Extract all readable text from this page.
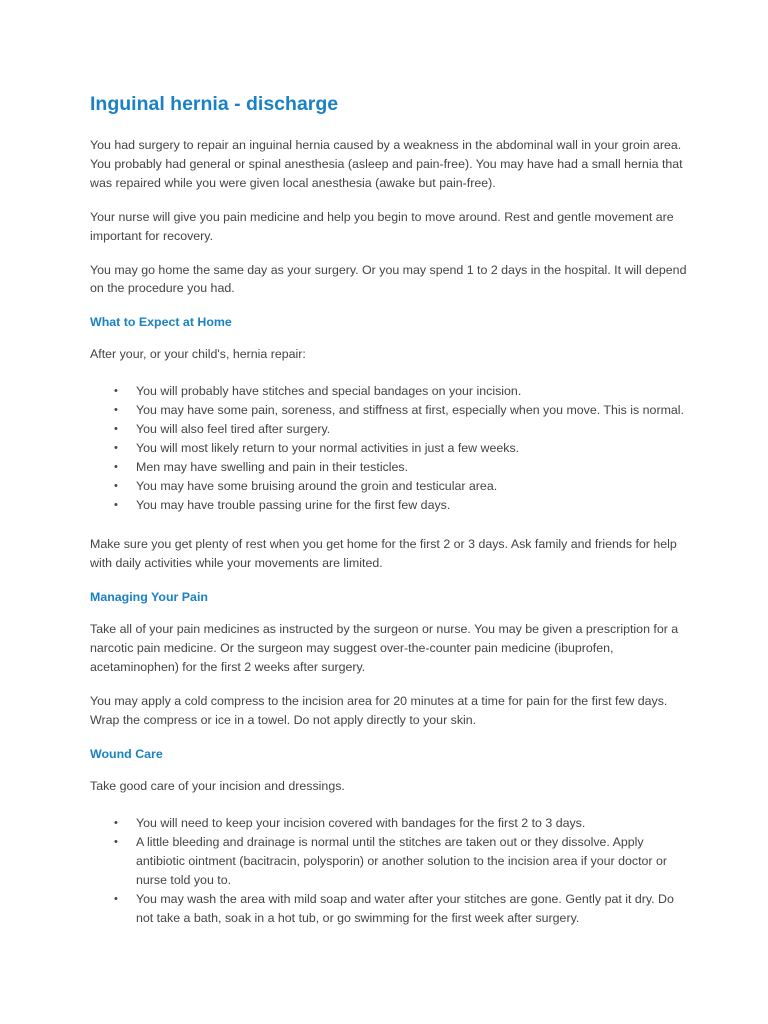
Inguinal hernia - discharge

You had surgery to repair an inguinal hernia caused by a weakness in the abdominal wall in your groin area. You probably had general or spinal anesthesia (asleep and pain-free). You may have had a small hernia that was repaired while you were given local anesthesia (awake but pain-free).

Your nurse will give you pain medicine and help you begin to move around. Rest and gentle movement are important for recovery.

You may go home the same day as your surgery. Or you may spend 1 to 2 days in the hospital. It will depend on the procedure you had.

What to Expect at Home

After your, or your child's, hernia repair:

• You will probably have stitches and special bandages on your incision.
• You may have some pain, soreness, and stiffness at first, especially when you move. This is normal.
• You will also feel tired after surgery.
• You will most likely return to your normal activities in just a few weeks.
• Men may have swelling and pain in their testicles.
• You may have some bruising around the groin and testicular area.
• You may have trouble passing urine for the first few days.

Make sure you get plenty of rest when you get home for the first 2 or 3 days. Ask family and friends for help with daily activities while your movements are limited.

Managing Your Pain

Take all of your pain medicines as instructed by the surgeon or nurse. You may be given a prescription for a narcotic pain medicine. Or the surgeon may suggest over-the-counter pain medicine (ibuprofen, acetaminophen) for the first 2 weeks after surgery.

You may apply a cold compress to the incision area for 20 minutes at a time for pain for the first few days. Wrap the compress or ice in a towel. Do not apply directly to your skin.

Wound Care

Take good care of your incision and dressings.

• You will need to keep your incision covered with bandages for the first 2 to 3 days.
• A little bleeding and drainage is normal until the stitches are taken out or they dissolve. Apply antibiotic ointment (bacitracin, polysporin) or another solution to the incision area if your doctor or nurse told you to.
• You may wash the area with mild soap and water after your stitches are gone. Gently pat it dry. Do not take a bath, soak in a hot tub, or go swimming for the first week after surgery.
